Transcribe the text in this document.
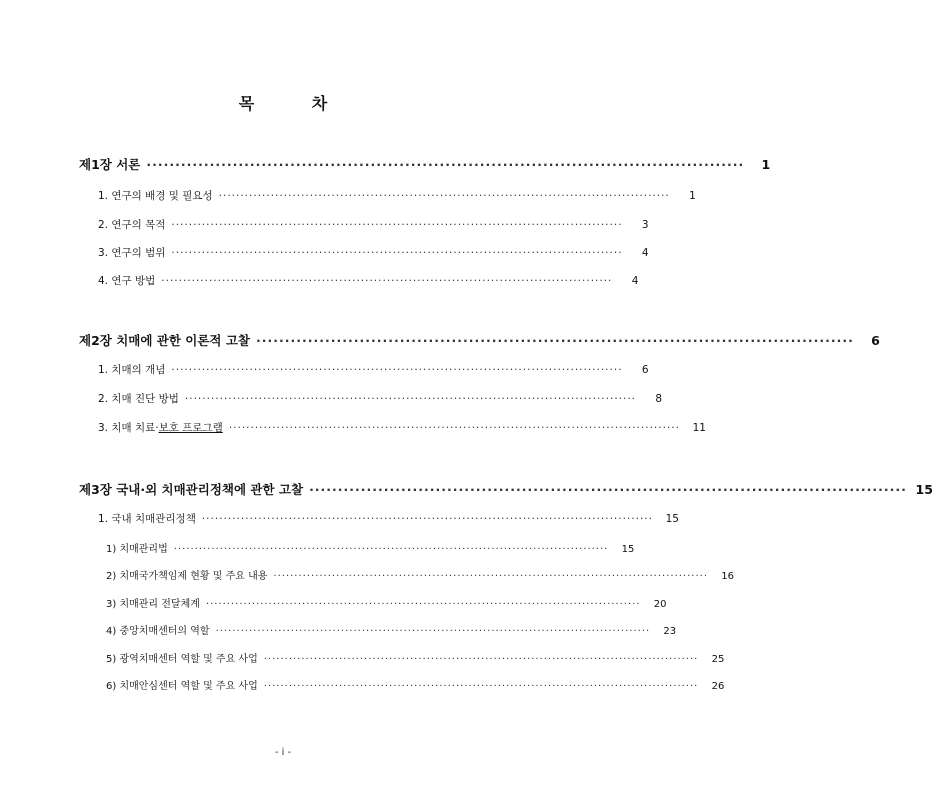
목 차
제1장 서론 ········································································································	1
1. 연구의 배경 및 필요성 ········································································································	1
2. 연구의 목적 ········································································································	3
3. 연구의 범위 ········································································································	4
4. 연구 방법 ········································································································	4
제2장 치매에 관한 이론적 고찰 ········································································································	6
1. 치매의 개념 ········································································································	6
2. 치매 진단 방법 ········································································································	8
3. 치매 치료·보호 프로그램 ········································································································	11
제3장 국내·외 치매관리정책에 관한 고찰 ········································································································ 15
1. 국내 치매관리정책 ········································································································	15
1) 치매관리법 ········································································································	15
2) 치매국가책임제 현황 및 주요 내용 ········································································································	16
3) 치매관리 전달체계 ········································································································	20
4) 중앙치매센터의 역할 ········································································································	23
5) 광역치매센터 역할 및 주요 사업 ········································································································	25
6) 치매안심센터 역할 및 주요 사업 ········································································································	26
- i -
